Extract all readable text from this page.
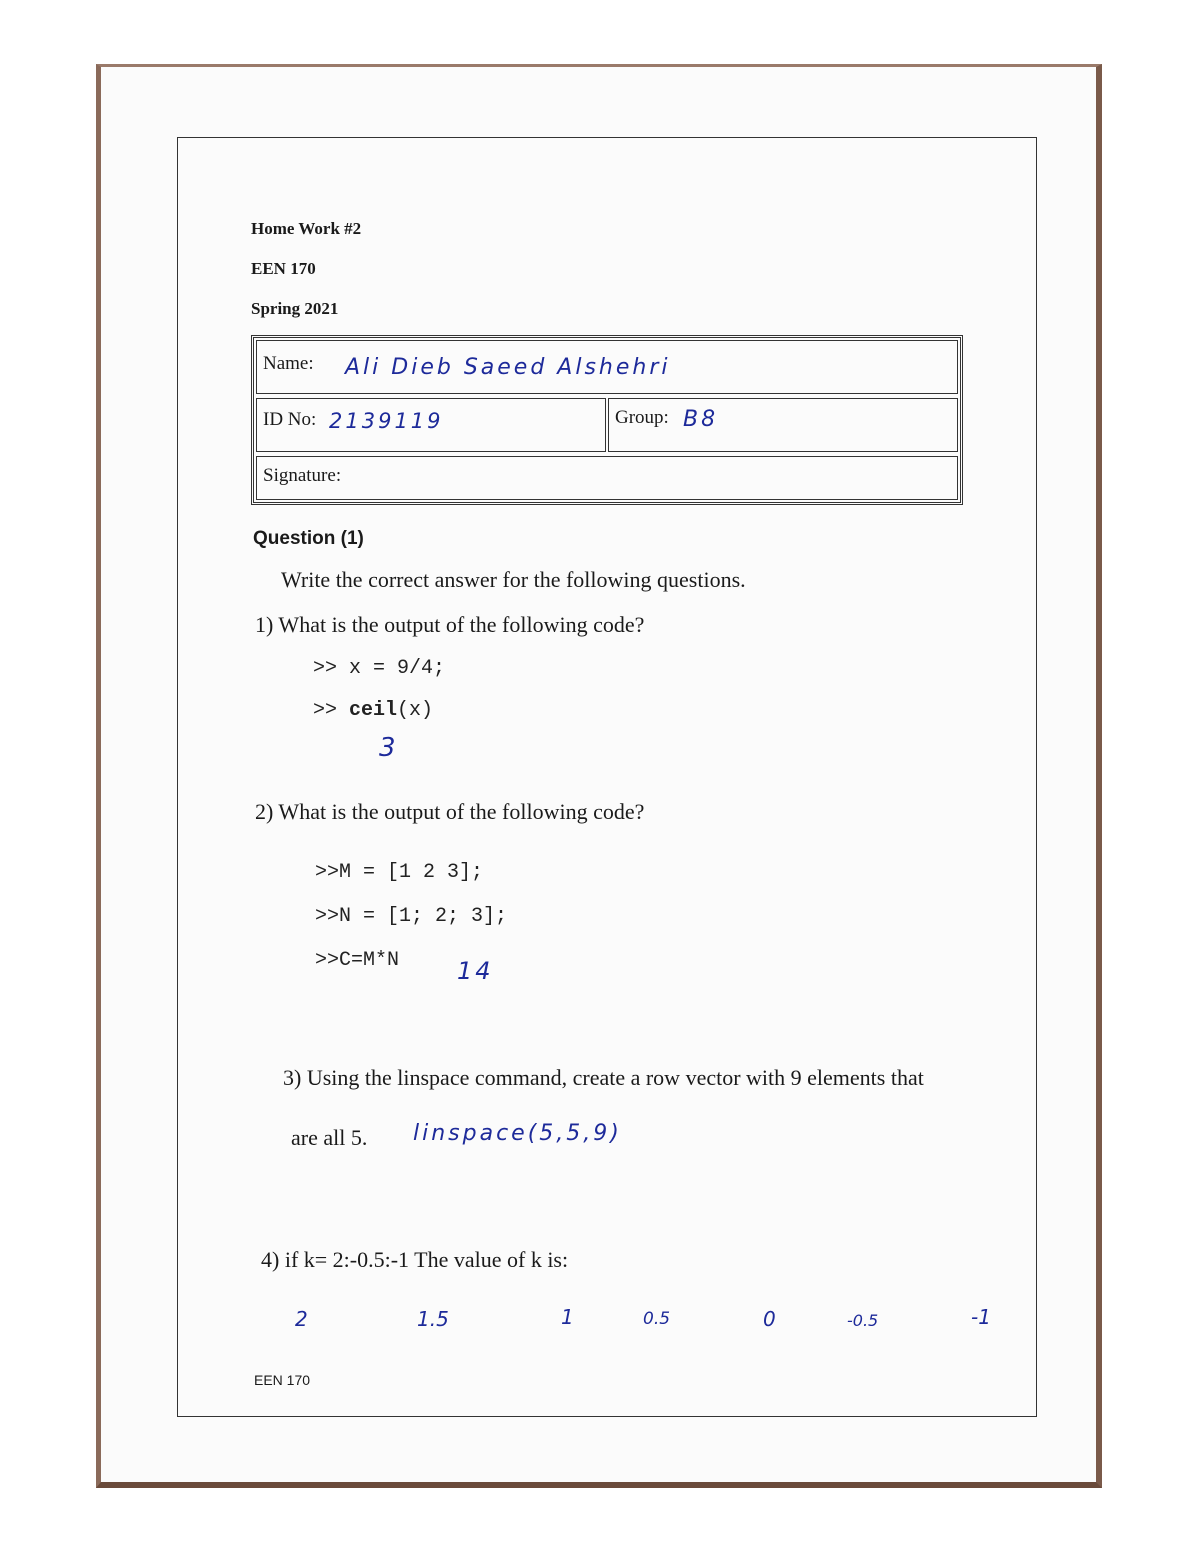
Home Work #2
EEN 170
Spring 2021
Name: Ali Dieb Saeed Alshehri
ID No: 2139119	Group: B8
Signature:
Question (1)
Write the correct answer for the following questions.
1) What is the output of the following code?
>> x = 9/4;
>> ceil(x)
3
2) What is the output of the following code?
>>M = [1 2 3];
>>N = [1; 2; 3];
>>C=M*N 14
3) Using the linspace command, create a row vector with 9 elements that
are all 5. linspace(5,5,9)
4) if k= 2:-0.5:-1 The value of k is:
2	1.5	1	0.5	0	-0.5	-1
EEN 170
